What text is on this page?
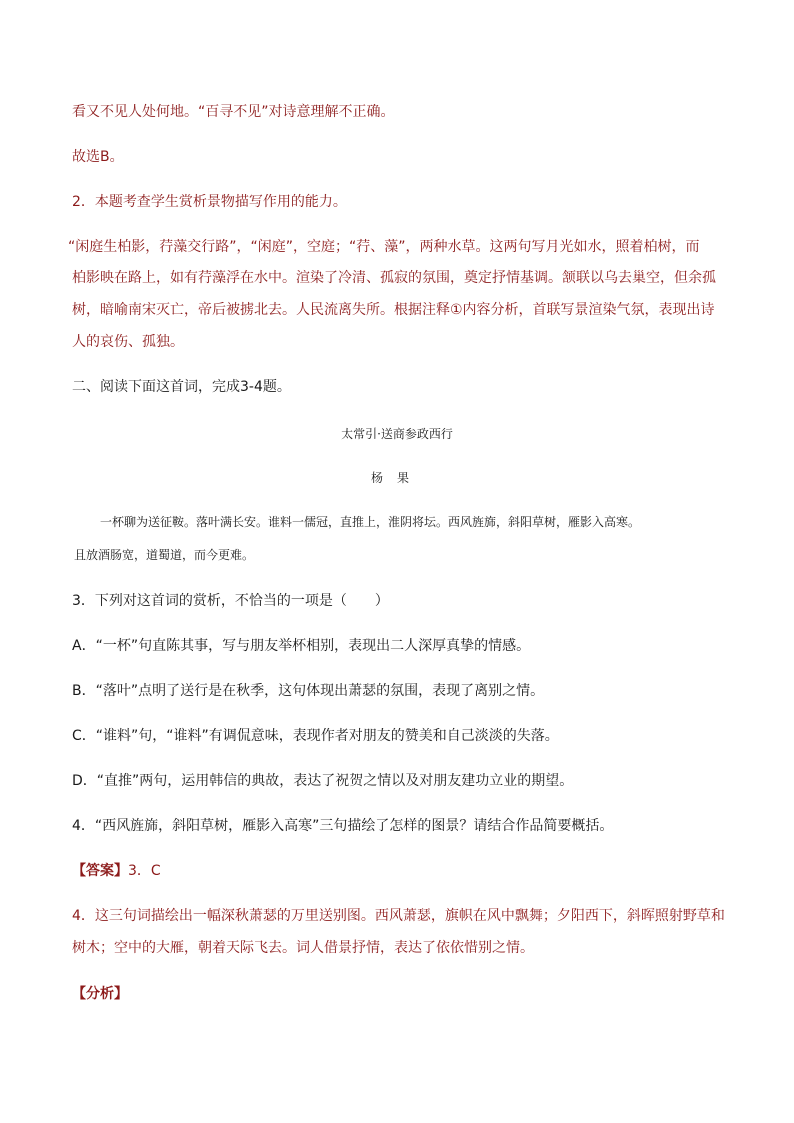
看又不见人处何地。“百寻不见”对诗意理解不正确。
故选B。
2．本题考查学生赏析景物描写作用的能力。
“闲庭生柏影，荇藻交行路”，“闲庭”，空庭；“荇、藻”，两种水草。这两句写月光如水，照着柏树，而
柏影映在路上，如有荇藻浮在水中。渲染了冷清、孤寂的氛围，奠定抒情基调。颔联以乌去巢空，但余孤
树，暗喻南宋灭亡，帝后被掳北去。人民流离失所。根据注释①内容分析，首联写景渲染气氛，表现出诗
人的哀伤、孤独。
二、阅读下面这首词，完成3-4题。
太常引·送商参政西行
杨果
一杯聊为送征鞍。落叶满长安。谁料一儒冠，直推上，淮阴将坛。西风旌旆，斜阳草树，雁影入高寒。
且放酒肠宽，道蜀道，而今更难。
3．下列对这首词的赏析，不恰当的一项是（　　）
A．“一杯”句直陈其事，写与朋友举杯相别，表现出二人深厚真挚的情感。
B．“落叶”点明了送行是在秋季，这句体现出萧瑟的氛围，表现了离别之情。
C．“谁料”句，“谁料”有调侃意味，表现作者对朋友的赞美和自己淡淡的失落。
D．“直推”两句，运用韩信的典故，表达了祝贺之情以及对朋友建功立业的期望。
4．“西风旌旆，斜阳草树，雁影入高寒”三句描绘了怎样的图景？请结合作品简要概括。
【答案】3．C
4．这三句词描绘出一幅深秋萧瑟的万里送别图。西风萧瑟，旗帜在风中飘舞；夕阳西下，斜晖照射野草和
树木；空中的大雁，朝着天际飞去。词人借景抒情，表达了依依惜别之情。
【分析】
